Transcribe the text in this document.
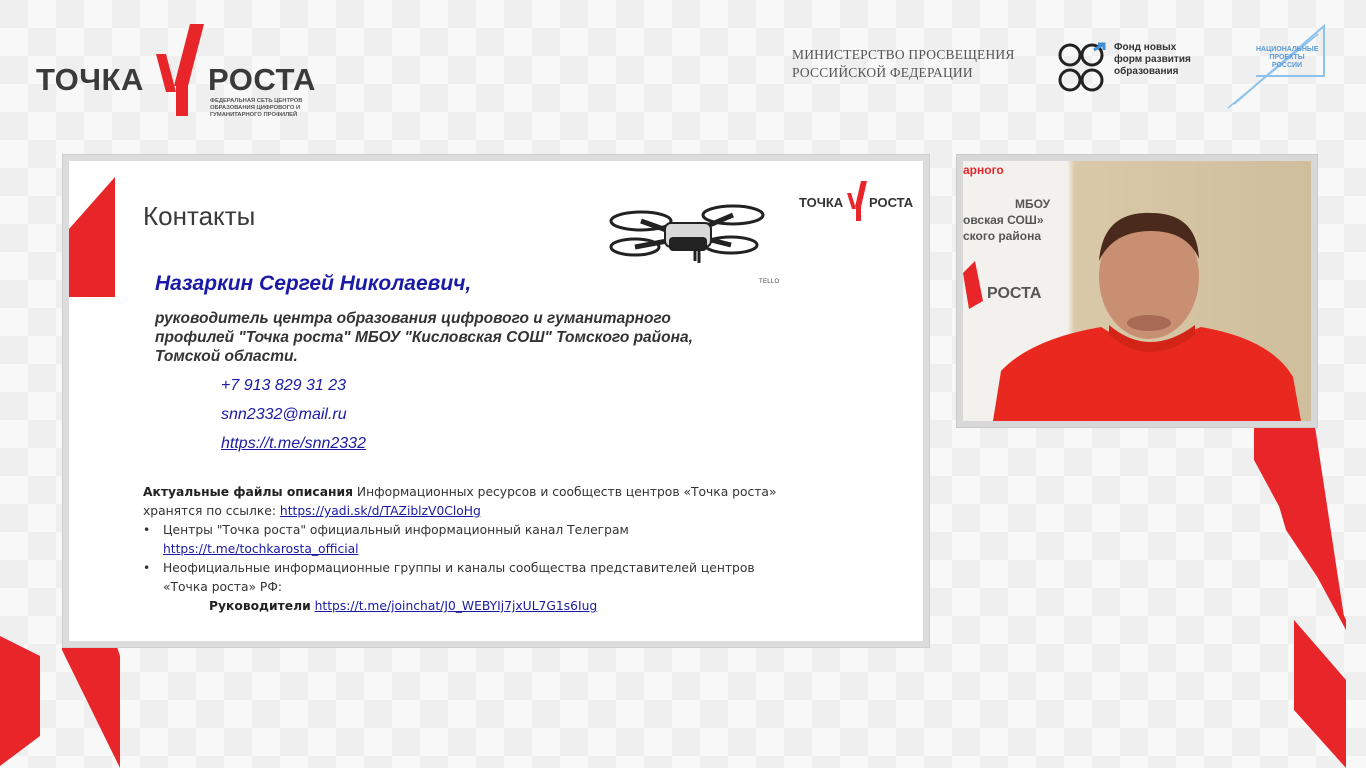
ТОЧКА РОСТА
ФЕДЕРАЛЬНАЯ СЕТЬ ЦЕНТРОВ ОБРАЗОВАНИЯ ЦИФРОВОГО И ГУМАНИТАРНОГО ПРОФИЛЕЙ
МИНИСТЕРСТВО ПРОСВЕЩЕНИЯ
РОССИЙСКОЙ ФЕДЕРАЦИИ
Фонд новых
форм развития
образования
НАЦИОНАЛЬНЫЕ ПРОЕКТЫ РОССИИ
Контакты
TELLO
ТОЧКА РОСТА
Назаркин Сергей Николаевич,
руководитель центра образования цифрового и гуманитарного
профилей "Точка роста" МБОУ "Кисловская СОШ" Томского района,
Томской области.
+7 913 829 31 23
snn2332@mail.ru
https://t.me/snn2332
Актуальные файлы описания Информационных ресурсов и сообществ центров «Точка роста»
хранятся по ссылке: https://yadi.sk/d/TAZiblzV0CloHg
• Центры "Точка роста" официальный информационный канал Телеграм
https://t.me/tochkarosta_official
• Неофициальные информационные группы и каналы сообщества представителей центров
«Точка роста» РФ:
Руководители https://t.me/joinchat/J0_WEBYIj7jxUL7G1s6Iug
арного
МБОУ
овская СОШ»
ского района
РОСТА
